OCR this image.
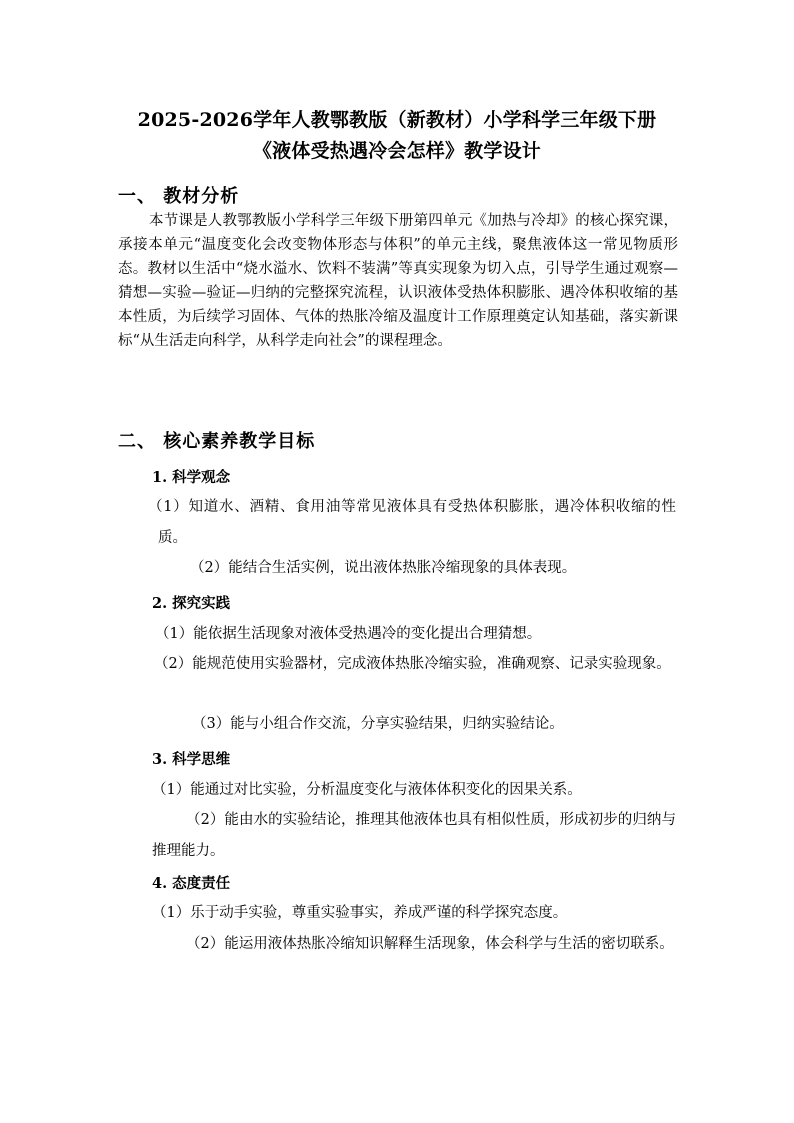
2025-2026学年人教鄂教版（新教材）小学科学三年级下册
《液体受热遇冷会怎样》教学设计
一、 教材分析
本节课是人教鄂教版小学科学三年级下册第四单元《加热与冷却》的核心探究课，承接本单元“温度变化会改变物体形态与体积”的单元主线，聚焦液体这一常见物质形态。教材以生活中“烧水溢水、饮料不装满”等真实现象为切入点，引导学生通过观察—猜想—实验—验证—归纳的完整探究流程，认识液体受热体积膨胀、遇冷体积收缩的基本性质，为后续学习固体、气体的热胀冷缩及温度计工作原理奠定认知基础，落实新课标“从生活走向科学，从科学走向社会”的课程理念。
二、 核心素养教学目标
1. 科学观念
（1）知道水、酒精、食用油等常见液体具有受热体积膨胀，遇冷体积收缩的性质。
（2）能结合生活实例，说出液体热胀冷缩现象的具体表现。
2. 探究实践
（1）能依据生活现象对液体受热遇冷的变化提出合理猜想。
（2）能规范使用实验器材，完成液体热胀冷缩实验，准确观察、记录实验现象。
（3）能与小组合作交流，分享实验结果，归纳实验结论。
3. 科学思维
（1）能通过对比实验，分析温度变化与液体体积变化的因果关系。
（2）能由水的实验结论，推理其他液体也具有相似性质，形成初步的归纳与推理能力。
4. 态度责任
（1）乐于动手实验，尊重实验事实，养成严谨的科学探究态度。
（2）能运用液体热胀冷缩知识解释生活现象，体会科学与生活的密切联系。
